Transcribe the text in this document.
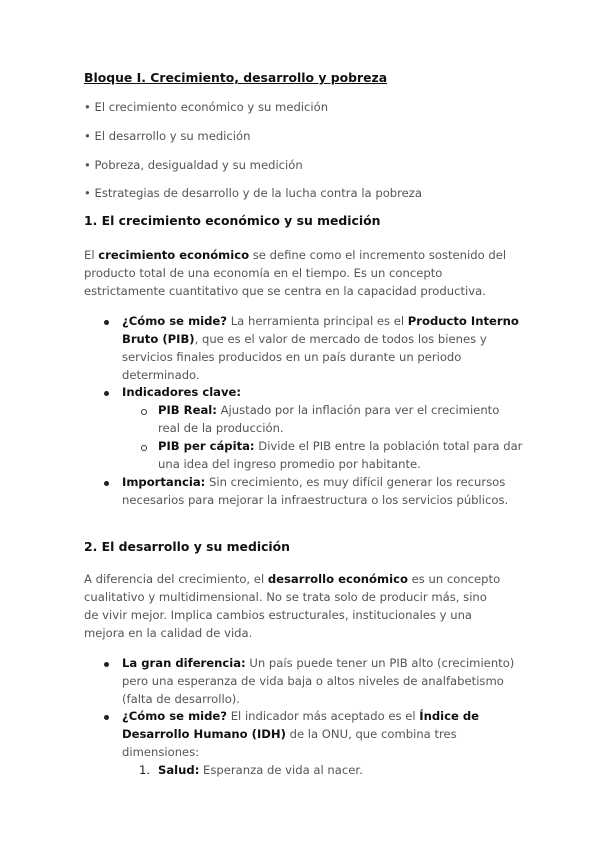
Bloque I. Crecimiento, desarrollo y pobreza
• El crecimiento económico y su medición
• El desarrollo y su medición
• Pobreza, desigualdad y su medición
• Estrategias de desarrollo y de la lucha contra la pobreza
1. El crecimiento económico y su medición
El crecimiento económico se define como el incremento sostenido del
producto total de una economía en el tiempo. Es un concepto
estrictamente cuantitativo que se centra en la capacidad productiva.
¿Cómo se mide? La herramienta principal es el Producto Interno
Bruto (PIB), que es el valor de mercado de todos los bienes y
servicios finales producidos en un país durante un periodo
determinado.
Indicadores clave:
PIB Real: Ajustado por la inflación para ver el crecimiento
real de la producción.
PIB per cápita: Divide el PIB entre la población total para dar
una idea del ingreso promedio por habitante.
Importancia: Sin crecimiento, es muy difícil generar los recursos
necesarios para mejorar la infraestructura o los servicios públicos.
2. El desarrollo y su medición
A diferencia del crecimiento, el desarrollo económico es un concepto
cualitativo y multidimensional. No se trata solo de producir más, sino
de vivir mejor. Implica cambios estructurales, institucionales y una
mejora en la calidad de vida.
La gran diferencia: Un país puede tener un PIB alto (crecimiento)
pero una esperanza de vida baja o altos niveles de analfabetismo
(falta de desarrollo).
¿Cómo se mide? El indicador más aceptado es el Índice de
Desarrollo Humano (IDH) de la ONU, que combina tres
dimensiones:
1. Salud: Esperanza de vida al nacer.
